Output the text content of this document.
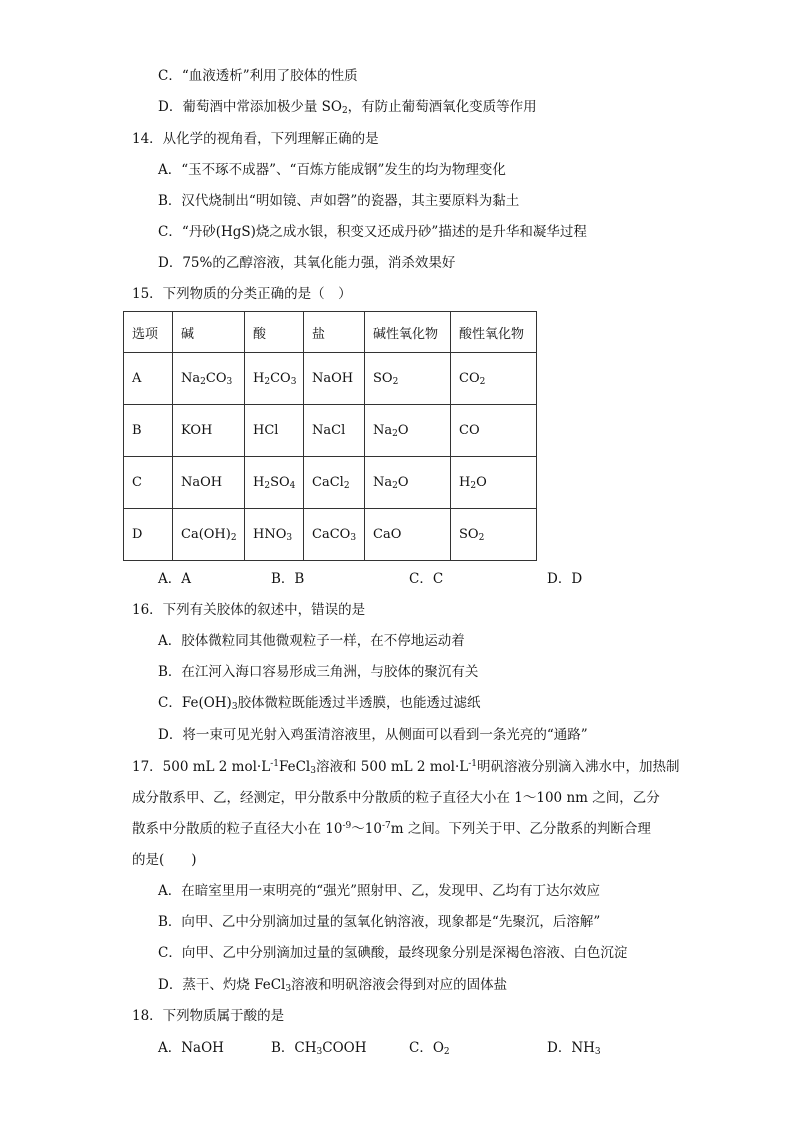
C．“血液透析”利用了胶体的性质
D．葡萄酒中常添加极少量 $SO_2$，有防止葡萄酒氧化变质等作用
14．从化学的视角看，下列理解正确的是
A．“玉不琢不成器”、“百炼方能成钢”发生的均为物理变化
B．汉代烧制出“明如镜、声如磬”的瓷器，其主要原料为黏土
C．“丹砂(HgS)烧之成水银，积变又还成丹砂”描述的是升华和凝华过程
D．75%的乙醇溶液，其氧化能力强，消杀效果好
15．下列物质的分类正确的是（　）
选项	碱	酸	盐	碱性氧化物	酸性氧化物
A	$Na_2CO_3$	$H_2CO_3$	NaOH	$SO_2$	$CO_2$
B	KOH	HCl	NaCl	$Na_2O$	CO
C	NaOH	$H_2SO_4$	CaCl$_2$	$Na_2O$	$H_2O$
D	$Ca(OH)_2$	$HNO_3$	CaCO$_3$	CaO	$SO_2$
A．A	B．B	C．C	D．D
16．下列有关胶体的叙述中，错误的是
A．胶体微粒同其他微观粒子一样，在不停地运动着
B．在江河入海口容易形成三角洲，与胶体的聚沉有关
C．$Fe(OH)_3$胶体微粒既能透过半透膜，也能透过滤纸
D．将一束可见光射入鸡蛋清溶液里，从侧面可以看到一条光亮的“通路”
17．500 mL 2 $mol\cdot L^{-1}FeCl_3$溶液和 500 mL 2 $mol\cdot L^{-1}$明矾溶液分别滴入沸水中，加热制
成分散系甲、乙，经测定，甲分散系中分散质的粒子直径大小在 1～100 nm 之间，乙分
散系中分散质的粒子直径大小在 $10^{-9}\sim 10^{-7}m$ 之间。下列关于甲、乙分散系的判断合理
的是(　　)
A．在暗室里用一束明亮的“强光”照射甲、乙，发现甲、乙均有丁达尔效应
B．向甲、乙中分别滴加过量的氢氧化钠溶液，现象都是“先聚沉，后溶解”
C．向甲、乙中分别滴加过量的氢碘酸，最终现象分别是深褐色溶液、白色沉淀
D．蒸干、灼烧 FeCl$_3$溶液和明矾溶液会得到对应的固体盐
18．下列物质属于酸的是
A．NaOH	B．$CH_3COOH$	C．$O_2$	D．$NH_3$
